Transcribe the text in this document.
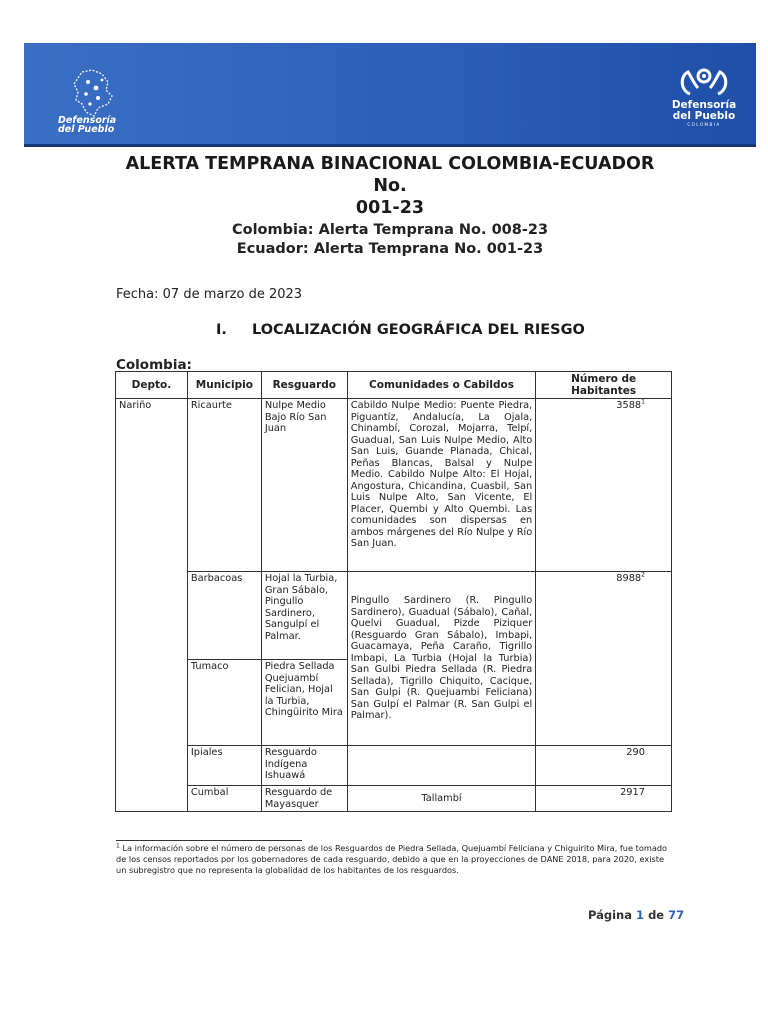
Defensoría
del Pueblo
Defensoría
del Pueblo
COLOMBIA
ALERTA TEMPRANA BINACIONAL COLOMBIA-ECUADOR No.
001-23
Colombia: Alerta Temprana No. 008-23
Ecuador: Alerta Temprana No. 001-23
Fecha: 07 de marzo de 2023
I. LOCALIZACIÓN GEOGRÁFICA DEL RIESGO
Colombia:
Depto.	Municipio	Resguardo	Comunidades o Cabildos	Número de Habitantes
Nariño	Ricaurte	Nulpe Medio Bajo Río San Juan	Cabildo Nulpe Medio: Puente Piedra, Piguantíz, Andalucía, La Ojala, Chinambí, Corozal, Mojarra, Telpí, Guadual, San Luis Nulpe Medio, Alto San Luis, Guande Planada, Chical, Peñas Blancas, Balsal y Nulpe Medio. Cabildo Nulpe Alto: El Hojal, Angostura, Chicandina, Cuasbil, San Luis Nulpe Alto, San Vicente, El Placer, Quembi y Alto Quembi. Las comunidades son dispersas en ambos márgenes del Río Nulpe y Río San Juan.	3588$^1$
	Barbacoas	Hojal la Turbia, Gran Sábalo, Pingullo Sardinero, Sangulpí el Palmar.	Pingullo Sardinero (R. Pingullo Sardinero), Guadual (Sábalo), Cañal, Quelvi Guadual, Pizde Piziquer (Resguardo Gran Sábalo), Imbapi, Guacamaya, Peña Caraño, Tigrillo Imbapi, La Turbia (Hojal la Turbia) San Gulbi Piedra Sellada (R. Piedra Sellada), Tigrillo Chiquito, Cacique, San Gulpi (R. Quejuambi Feliciana) San Gulpí el Palmar (R. San Gulpi el Palmar).	8988$^2$
	Tumaco	Piedra Sellada Quejuambí Felician, Hojal la Turbia, Chingüirito Mira		
	Ipiales	Resguardo Indígena Ishuawá		290
	Cumbal	Resguardo de Mayasquer	Tallambí	2917
$^1$ La información sobre el número de personas de los Resguardos de Piedra Sellada, Quejuambí Feliciana y Chiguirito Mira, fue tomado de los censos reportados por los gobernadores de cada resguardo, debido a que en la proyecciones de DANE 2018, para 2020, existe un subregistro que no representa la globalidad de los habitantes de los resguardos.
Página 1 de 77
